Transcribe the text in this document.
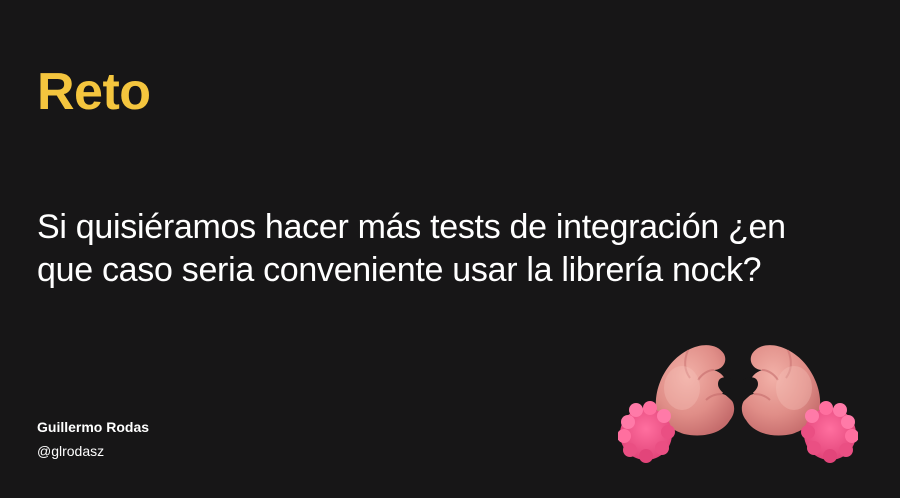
Reto

Si quisiéramos hacer más tests de integración ¿en que caso seria conveniente usar la librería nock?

Guillermo Rodas
@glrodasz
